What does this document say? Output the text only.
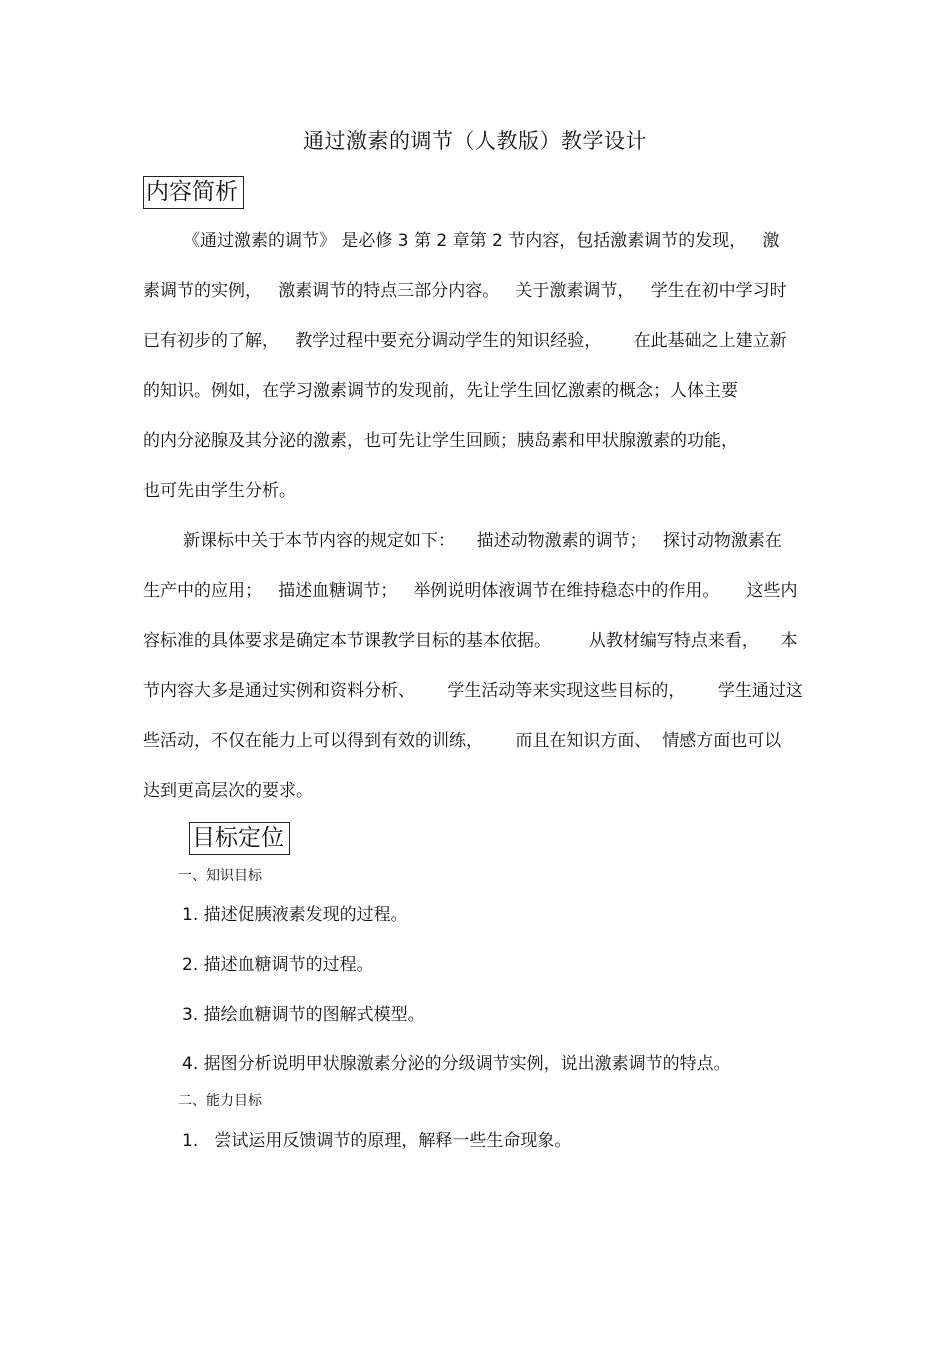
通过激素的调节（人教版）教学设计
内容简析
《通过激素的调节》 是必修 3 第 2 章第 2 节内容，包括激素调节的发现，   激
素调节的实例，   激素调节的特点三部分内容。   关于激素调节，   学生在初中学习时
已有初步的了解，   教学过程中要充分调动学生的知识经验，      在此基础之上建立新
的知识。例如，在学习激素调节的发现前，先让学生回忆激素的概念；人体主要
的内分泌腺及其分泌的激素，也可先让学生回顾；胰岛素和甲状腺激素的功能，
也可先由学生分析。
新课标中关于本节内容的规定如下：    描述动物激素的调节；   探讨动物激素在
生产中的应用；   描述血糖调节；   举例说明体液调节在维持稳态中的作用。     这些内
容标准的具体要求是确定本节课教学目标的基本依据。       从教材编写特点来看，    本
节内容大多是通过实例和资料分析、      学生活动等来实现这些目标的，      学生通过这
些活动，不仅在能力上可以得到有效的训练，      而且在知识方面、  情感方面也可以
达到更高层次的要求。
目标定位
一、知识目标
1. 描述促胰液素发现的过程。
2. 描述血糖调节的过程。
3. 描绘血糖调节的图解式模型。
4. 据图分析说明甲状腺激素分泌的分级调节实例，说出激素调节的特点。
二、能力目标
1.   尝试运用反馈调节的原理，解释一些生命现象。
